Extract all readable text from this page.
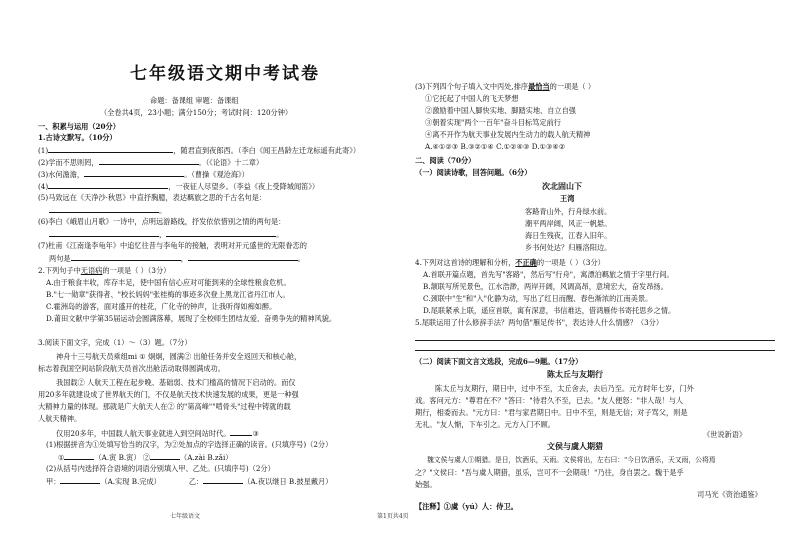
七年级语文期中考试卷
命题：备课组 审题：备课组
（全卷共4页，23小题；满分150分；考试时间：120分钟）
一、积累与运用（20分）
1.古诗文默写。（10分）
(1)	，随君直到夜郎西。（李白《闻王昌龄左迁龙标遥有此寄》）
(2)学而不思则罔，	。（《论语》十二章）
(3)水何澹澹，	。（曹操《观沧海》）
(4)	，一夜征人尽望乡。（李益《夜上受降城闻笛》）
(5)马致远在《天净沙·秋思》中直抒胸臆，表达羁旅之思的千古名句是：
。
(6)李白《峨眉山月歌》一诗中，点明远游路线，抒发依依惜别之情的两句是：
，	。
(7)杜甫《江南逢李龟年》中追忆往昔与李龟年的接触，表明对开元盛世的无限眷恋的
两句是	，	。
2.下列句子中无语病的一项是（ ）（3分）
A.由于粮食丰收，库存丰足，使中国有信心应对可能到来的全球性粮食危机。
B."七一勋章"获得者、"校长妈妈"张桂梅的事迹多次登上黑龙江省丹江市人。
C.霍洲岛的游客，面对盛开的桂花，广化寺的钟声，让我听得如痴如醉。
D.莆田文献中学第35届运动会圆满落幕，展现了全校师生团结友爱、奋勇争先的精神风貌。
3.阅读下面文字，完成（1）～（3）题。（7分）
神舟十三号航天员乘组mi ① 炯炯，圆满② 出舱任务并安全返回天和核心舱，
标志着我国空间站阶段航天员首次出舱活动取得圆满成功。
我国载② 人航天工程在起步晚、基础弱、技术门槛高的情况下启动的。而仅
用20多年就建设成了世界航天的门，不仅是航天技术快速发展的成果，更是一种强
大精神力量的体现。那就是广大航天人在② 的"第高峰""啃骨头"过程中铸就的载
人航天精神。
仅用20多年，中国载人航天事业就进入到空间站时代。	③
(1)根据拼音为①处填写恰当的汉字，为②处加点的字选择正确的读音。(只填序号)（2分）
①	（A.寅 B.寅） ②	（A.zài B.zǎi）
(2)从括号内选择符合语境的词语分别填入甲、乙处。(只填序号)（2分）
甲：	（A.实现 B.完成）	乙：	（A.夜以继日 B.披星戴月）
七年级语文
(3)下列四个句子填入文中丙处,排序最恰当的一项是（ ）
①它托起了中国人的飞天梦想
②激励着中国人脚快实地、脚踏实地、自立自强
③朝着实现"两个一百年"奋斗目标笃定前行
④离不开作为航天事业发展内生动力的载人航天精神
A.④①②③ B.③②①④ C.①②④③ D.①③④②
二、阅读（70分）
（一）阅读诗歌，回答问题。（6分）
次北固山下
王湾
客路青山外，行舟绿水前。
潮平两岸阔，风正一帆悬。
海日生残夜，江春入旧年。
乡书何处达？归雁洛阳边。
4.下列对这首诗的理解和分析，不正确的一项是（ ）（3分）
A.首联开篇点题，首先写"客路"，然后写"行舟"，寓漂泊羁旅之情于字里行间。
B.颔联写所见景色，江水浩渺，两岸开阔，风调高昂，意境宏大，奋发昂扬。
C.颈联中"生"和"入"化静为动，写出了红日而醒、春色渐浓的江南美景。
D.尾联紧承上联，遥应首联，寓有深意，书信难达，借鸿雁传书寄托思乡之情。
5.尾联运用了什么修辞手法？两句借"雁足传书"，表达诗人什么情感？（3分）
（二）阅读下面文言文选段，完成6—9题。（17分）
陈太丘与友期行
陈太丘与友期行，期日中，过中不至，太丘舍去，去后乃至。元方时年七岁，门外
戏。客问元方："尊君在不？"答曰："待君久不至，已去。"友人便怒："非人哉！与人
期行，相委而去。"元方曰："君与家君期日中。日中不至，则是无信；对子骂父，则是
无礼。"友人惭，下车引之。元方入门不顾。
《世说新语》
文侯与虞人期猎
魏文侯与虞人①期猎。是日，饮酒乐，天雨。文侯将出，左右曰："今日饮酒乐，天又雨，公将焉
之？"文侯曰："吾与虞人期猎，虽乐，岂可不一会期哉！"乃往，身自罢之。魏于是乎
始强。
司马光《资治通鉴》
【注释】①虞（yú）人：侍卫。
第1页共4页
